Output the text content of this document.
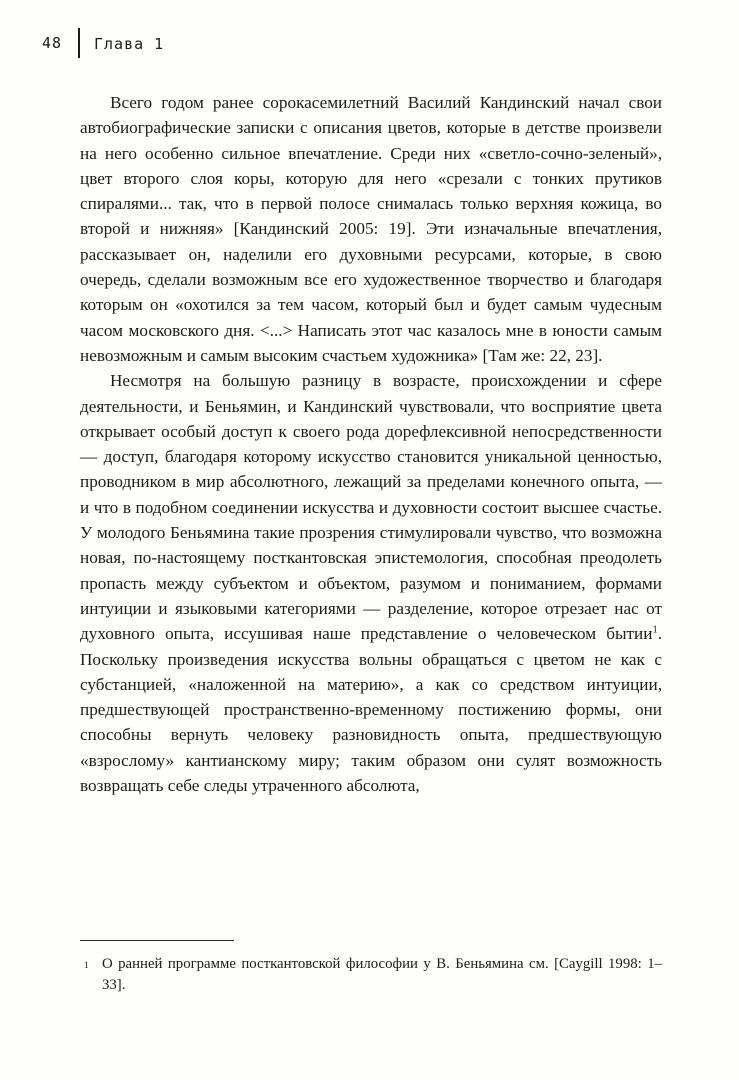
48 Глава 1

Всего годом ранее сорокасемилетний Василий Кандинский начал свои автобиографические записки с описания цветов, которые в детстве произвели на него особенно сильное впечатление. Среди них «светло-сочно-зеленый», цвет второго слоя коры, которую для него «срезали с тонких прутиков спиралями... так, что в первой полосе снималась только верхняя кожица, во второй и нижняя» [Кандинский 2005: 19]. Эти изначальные впечатления, рассказывает он, наделили его духовными ресурсами, которые, в свою очередь, сделали возможным все его художественное творчество и благодаря которым он «охотился за тем часом, который был и будет самым чудесным часом московского дня. <...> Написать этот час казалось мне в юности самым невозможным и самым высоким счастьем художника» [Там же: 22, 23].

Несмотря на большую разницу в возрасте, происхождении и сфере деятельности, и Беньямин, и Кандинский чувствовали, что восприятие цвета открывает особый доступ к своего рода дорефлексивной непосредственности — доступ, благодаря которому искусство становится уникальной ценностью, проводником в мир абсолютного, лежащий за пределами конечного опыта, — и что в подобном соединении искусства и духовности состоит высшее счастье. У молодого Беньямина такие прозрения стимулировали чувство, что возможна новая, по-настоящему посткантовская эпистемология, способная преодолеть пропасть между субъектом и объектом, разумом и пониманием, формами интуиции и языковыми категориями — разделение, которое отрезает нас от духовного опыта, иссушивая наше представление о человеческом бытии$^1$. Поскольку произведения искусства вольны обращаться с цветом не как с субстанцией, «наложенной на материю», а как со средством интуиции, предшествующей пространственно-временному постижению формы, они способны вернуть человеку разновидность опыта, предшествующую «взрослому» кантианскому миру; таким образом они сулят возможность возвращать себе следы утраченного абсолюта,

1 О ранней программе посткантовской философии у В. Беньямина см. [Caygill 1998: 1–33].
